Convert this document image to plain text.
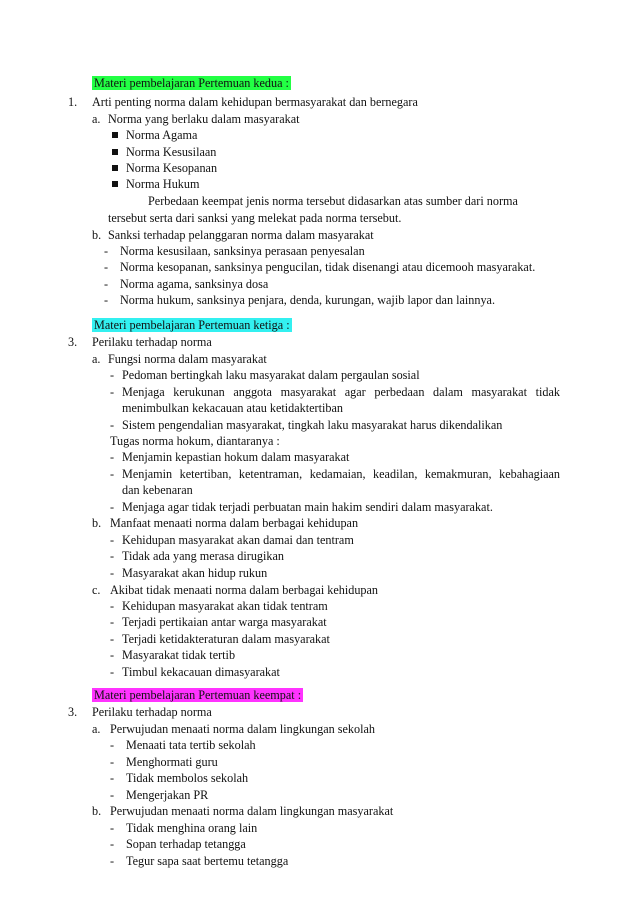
Materi pembelajaran Pertemuan kedua :
1. Arti penting norma dalam kehidupan bermasyarakat dan bernegara
a. Norma yang berlaku dalam masyarakat
Norma Agama
Norma Kesusilaan
Norma Kesopanan
Norma Hukum
Perbedaan keempat jenis norma tersebut didasarkan atas sumber dari norma
tersebut serta dari sanksi yang melekat pada norma tersebut.
b. Sanksi terhadap pelanggaran norma dalam masyarakat
- Norma kesusilaan, sanksinya perasaan penyesalan
- Norma kesopanan, sanksinya pengucilan, tidak disenangi atau dicemooh masyarakat.
- Norma agama, sanksinya dosa
- Norma hukum, sanksinya penjara, denda, kurungan, wajib lapor dan lainnya.
Materi pembelajaran Pertemuan ketiga :
3. Perilaku terhadap norma
a. Fungsi norma dalam masyarakat
- Pedoman bertingkah laku masyarakat dalam pergaulan sosial
- Menjaga kerukunan anggota masyarakat agar perbedaan dalam masyarakat tidak
menimbulkan kekacauan atau ketidaktertiban
- Sistem pengendalian masyarakat, tingkah laku masyarakat harus dikendalikan
Tugas norma hokum, diantaranya :
- Menjamin kepastian hokum dalam masyarakat
- Menjamin ketertiban, ketentraman, kedamaian, keadilan, kemakmuran, kebahagiaan
dan kebenaran
- Menjaga agar tidak terjadi perbuatan main hakim sendiri dalam masyarakat.
b. Manfaat menaati norma dalam berbagai kehidupan
- Kehidupan masyarakat akan damai dan tentram
- Tidak ada yang merasa dirugikan
- Masyarakat akan hidup rukun
c. Akibat tidak menaati norma dalam berbagai kehidupan
- Kehidupan masyarakat akan tidak tentram
- Terjadi pertikaian antar warga masyarakat
- Terjadi ketidakteraturan dalam masyarakat
- Masyarakat tidak tertib
- Timbul kekacauan dimasyarakat
Materi pembelajaran Pertemuan keempat :
3. Perilaku terhadap norma
a. Perwujudan menaati norma dalam lingkungan sekolah
- Menaati tata tertib sekolah
- Menghormati guru
- Tidak membolos sekolah
- Mengerjakan PR
b. Perwujudan menaati norma dalam lingkungan masyarakat
- Tidak menghina orang lain
- Sopan terhadap tetangga
- Tegur sapa saat bertemu tetangga
